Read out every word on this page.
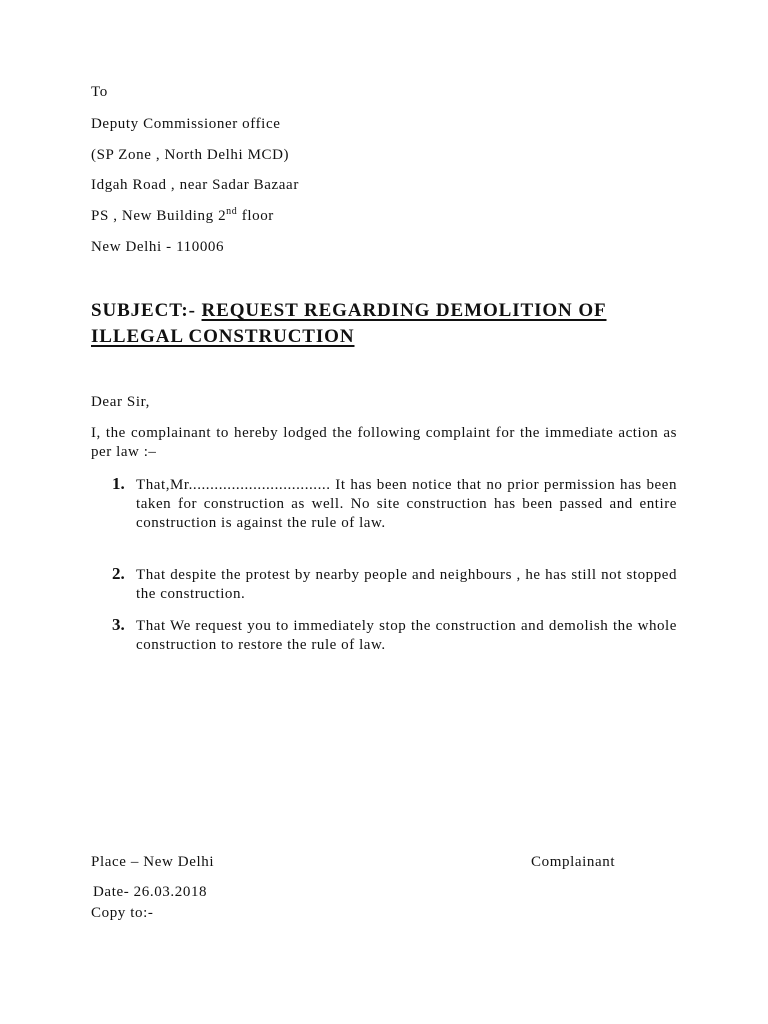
To
Deputy Commissioner office
(SP Zone , North Delhi MCD)
Idgah Road , near Sadar Bazaar
PS , New Building 2nd floor
New Delhi - 110006
SUBJECT:- REQUEST REGARDING DEMOLITION OF ILLEGAL CONSTRUCTION
Dear Sir,
I, the complainant to hereby lodged the following complaint for the immediate action as per law :–
1. That,Mr................................. It has been notice that no prior permission has been taken for construction as well. No site construction has been passed and entire construction is against the rule of law.
2. That despite the protest by nearby people and neighbours , he has still not stopped the construction.
3. That We request you to immediately stop the construction and demolish the whole construction to restore the rule of law.
Place – New Delhi	Complainant
Date- 26.03.2018
Copy to:-
